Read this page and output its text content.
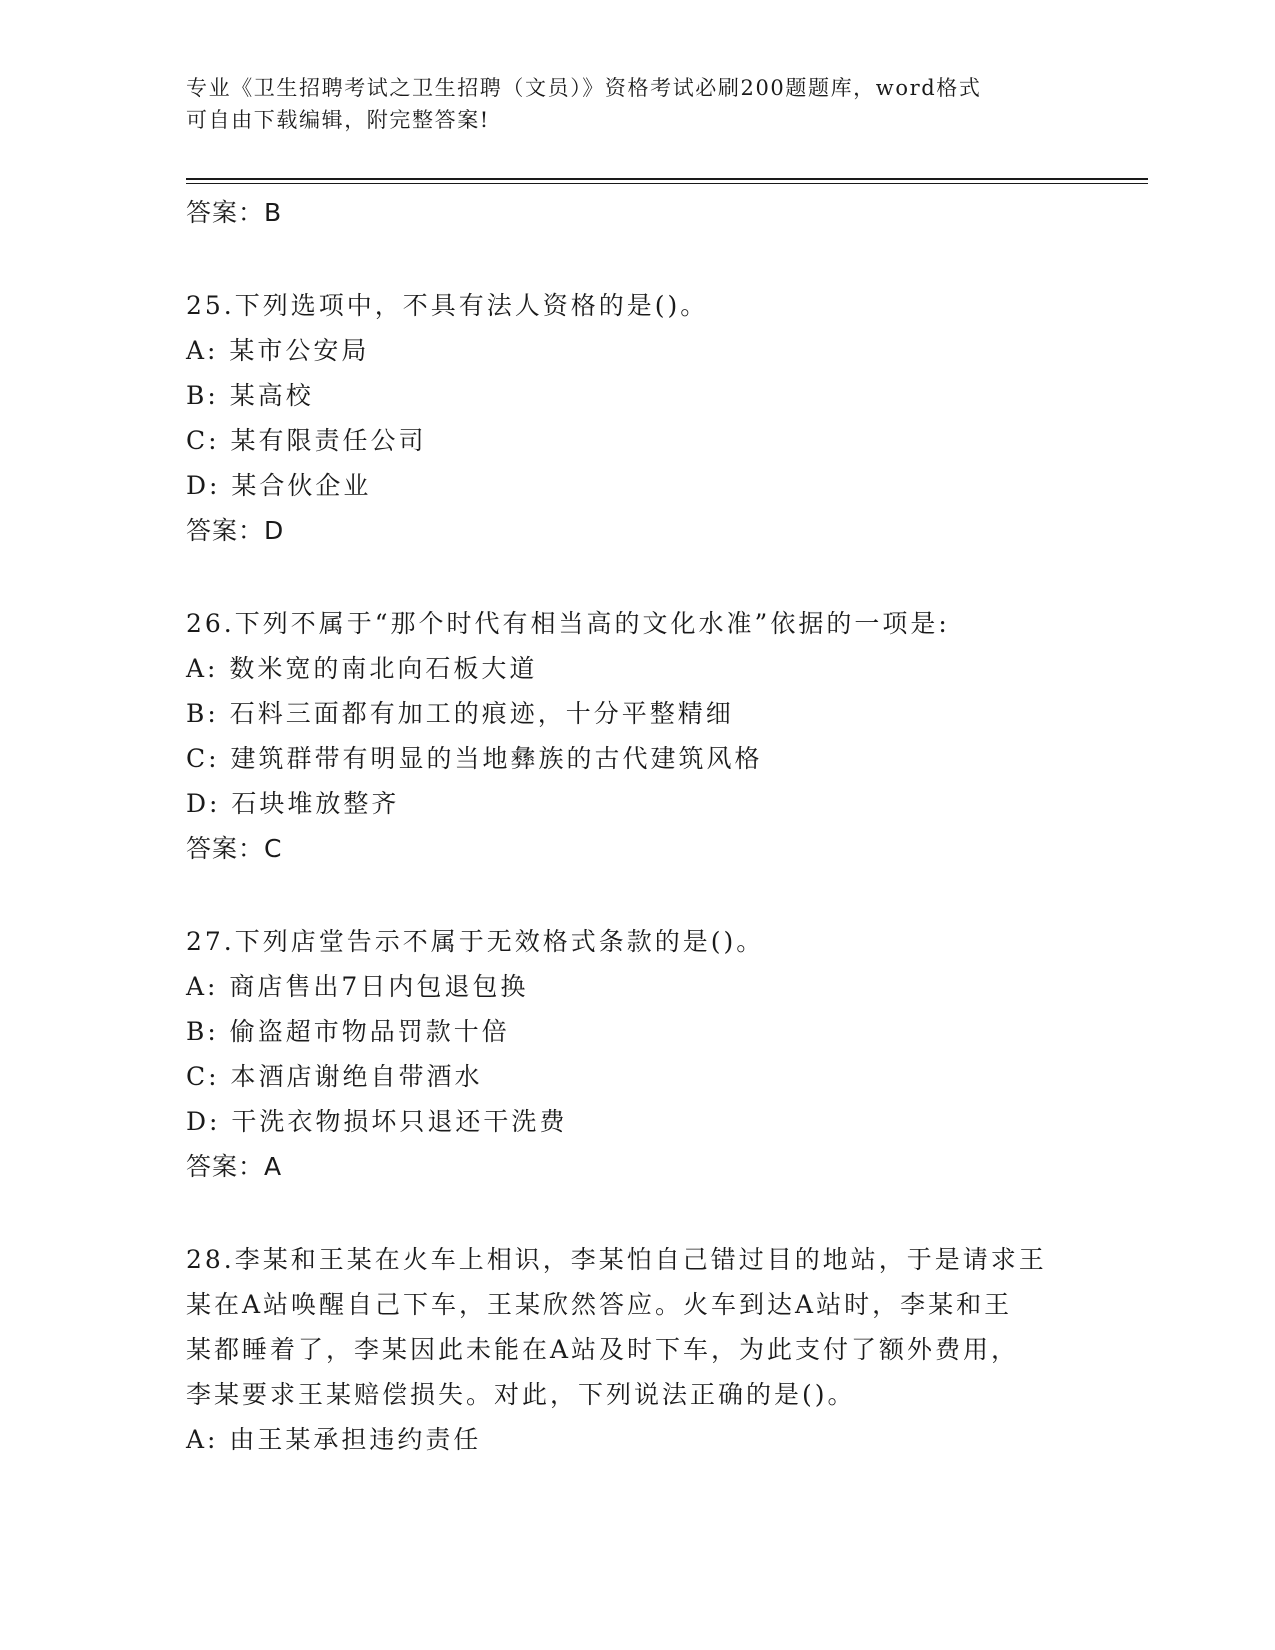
专业《卫生招聘考试之卫生招聘（文员）》资格考试必刷200题题库，word格式
可自由下载编辑，附完整答案!
答案：B
25.下列选项中，不具有法人资格的是()。
A: 某市公安局
B: 某高校
C: 某有限责任公司
D: 某合伙企业
答案：D
26.下列不属于“那个时代有相当高的文化水准”依据的一项是:
A: 数米宽的南北向石板大道
B: 石料三面都有加工的痕迹，十分平整精细
C: 建筑群带有明显的当地彝族的古代建筑风格
D: 石块堆放整齐
答案：C
27.下列店堂告示不属于无效格式条款的是()。
A: 商店售出7日内包退包换
B: 偷盗超市物品罚款十倍
C: 本酒店谢绝自带酒水
D: 干洗衣物损坏只退还干洗费
答案：A
28.李某和王某在火车上相识，李某怕自己错过目的地站，于是请求王
某在A站唤醒自己下车，王某欣然答应。火车到达A站时，李某和王
某都睡着了，李某因此未能在A站及时下车，为此支付了额外费用，
李某要求王某赔偿损失。对此，下列说法正确的是()。
A: 由王某承担违约责任
